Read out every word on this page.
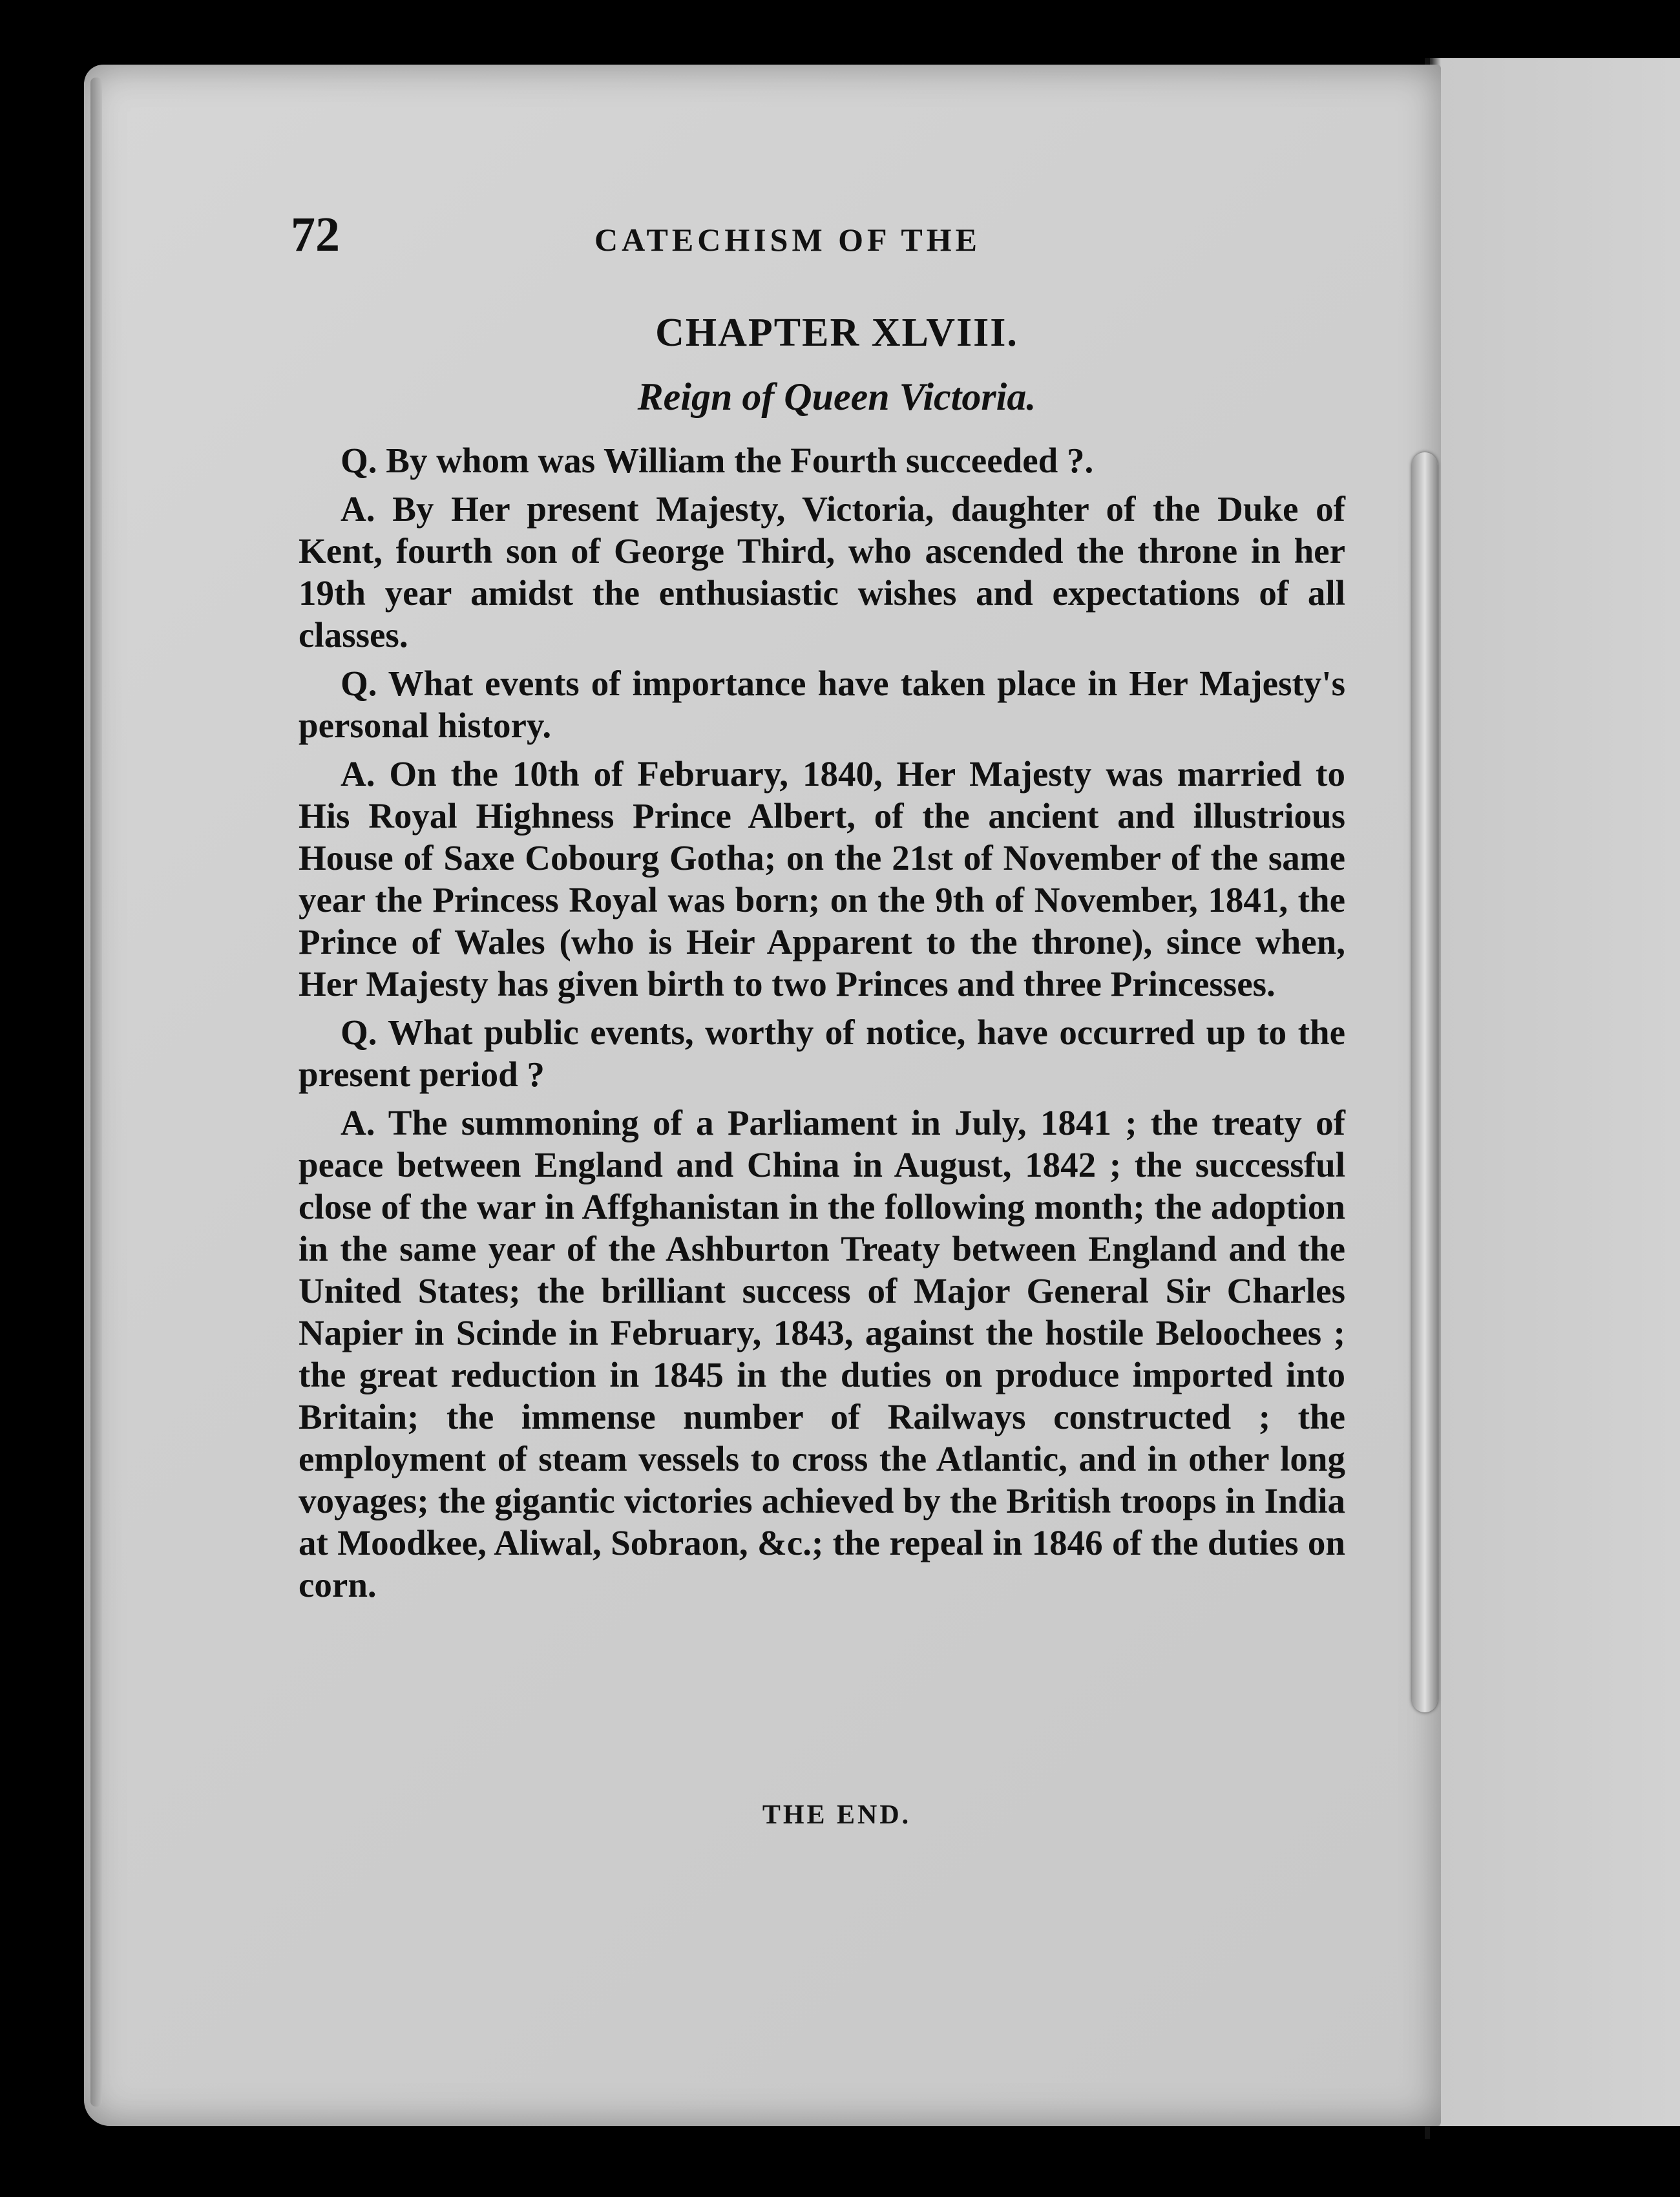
72	CATECHISM OF THE
CHAPTER XLVIII.
Reign of Queen Victoria.

Q. By whom was William the Fourth succeeded ?.

A. By Her present Majesty, Victoria, daughter of the Duke of Kent, fourth son of George Third, who ascended the throne in her 19th year amidst the enthusiastic wishes and expectations of all classes.

Q. What events of importance have taken place in Her Majesty's personal history.

A. On the 10th of February, 1840, Her Majesty was married to His Royal Highness Prince Albert, of the ancient and illustrious House of Saxe Cobourg Gotha; on the 21st of November of the same year the Princess Royal was born; on the 9th of November, 1841, the Prince of Wales (who is Heir Apparent to the throne), since when, Her Majesty has given birth to two Princes and three Princesses.

Q. What public events, worthy of notice, have occurred up to the present period ?

A. The summoning of a Parliament in July, 1841 ; the treaty of peace between England and China in August, 1842 ; the successful close of the war in Affghanistan in the following month; the adoption in the same year of the Ashburton Treaty between England and the United States; the brilliant success of Major General Sir Charles Napier in Scinde in February, 1843, against the hostile Beloochees ; the great reduction in 1845 in the duties on produce imported into Britain; the immense number of Railways constructed ; the employment of steam vessels to cross the Atlantic, and in other long voyages; the gigantic victories achieved by the British troops in India at Moodkee, Aliwal, Sobraon, &c.; the repeal in 1846 of the duties on corn.

THE END.
